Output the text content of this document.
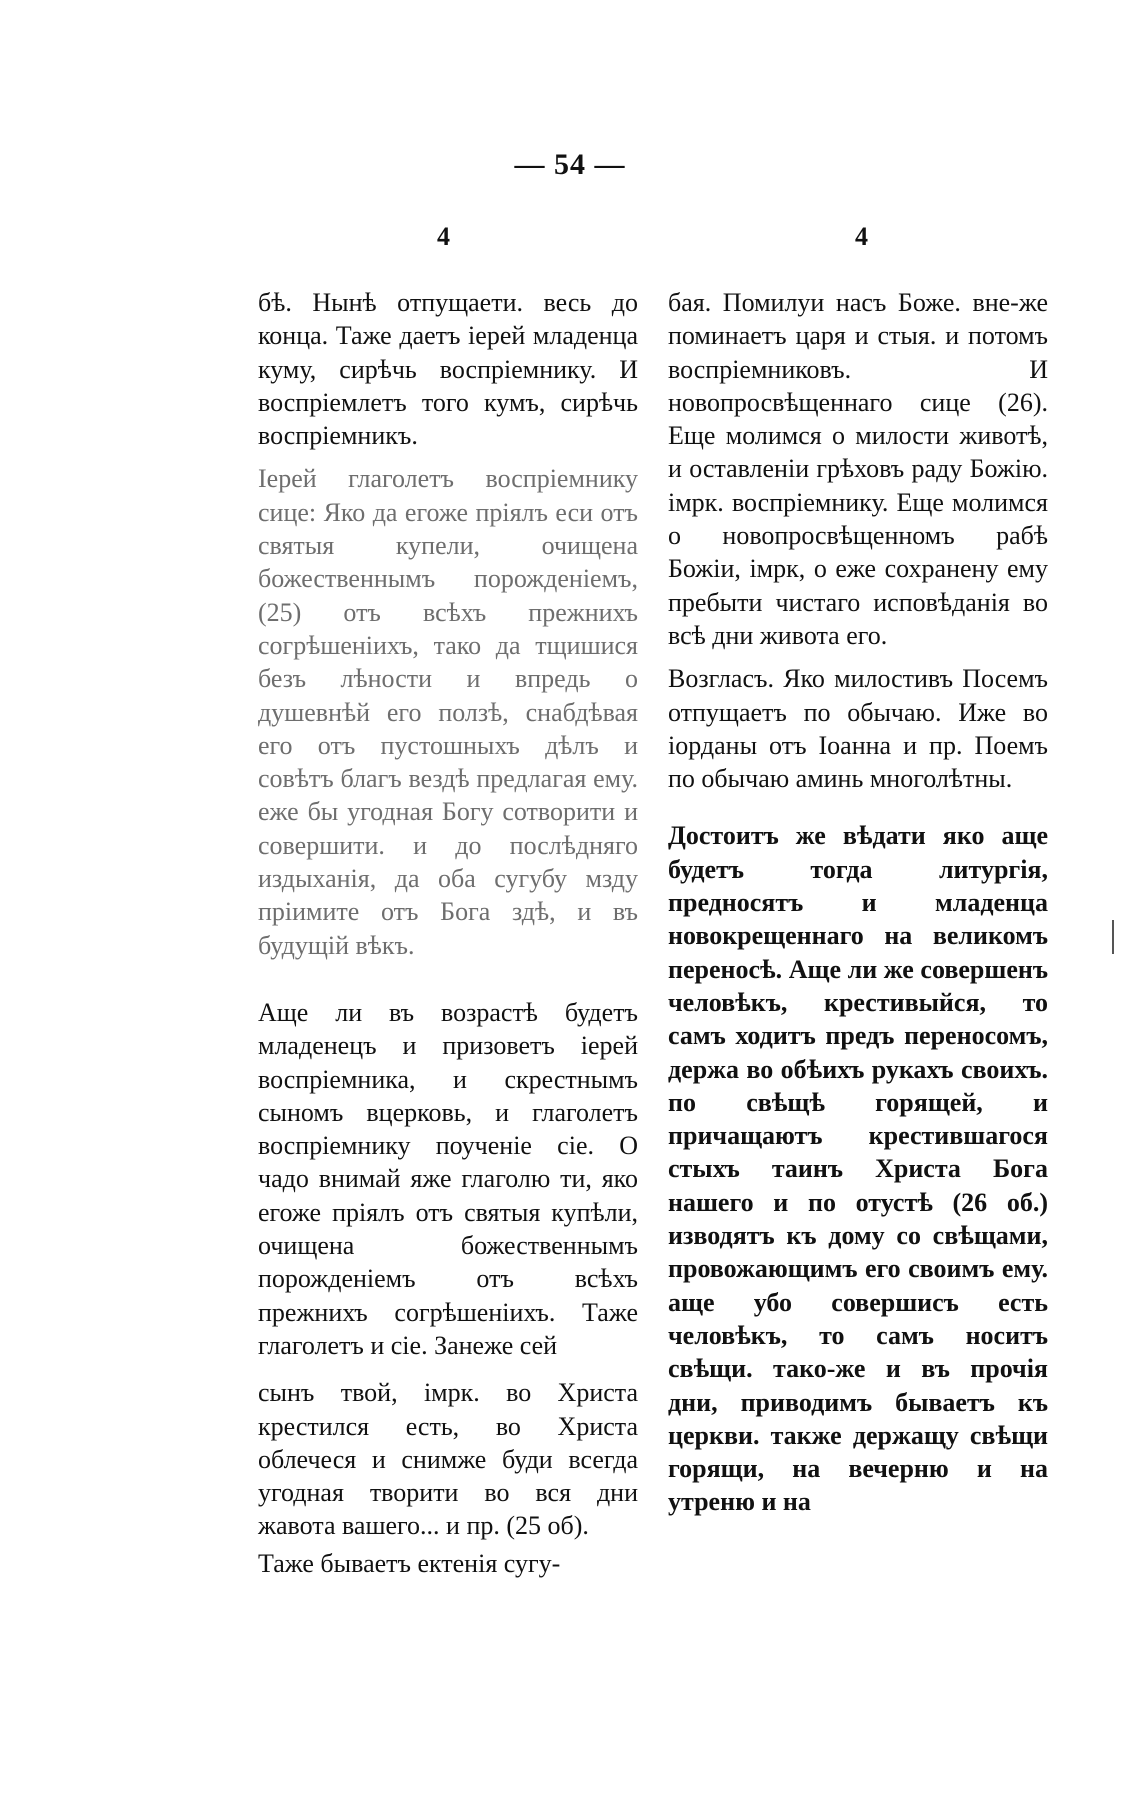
— 54 —
4	4

бѣ. Нынѣ отпущаети. весь до конца. Таже даетъ іерей младенца куму, сирѣчь воспріемнику. И воспріемлетъ того кумъ, сирѣчь воспріемникъ.

Іерей глаголетъ воспріемнику сице: Яко да егоже пріялъ еси отъ святыя купели, очищена божественнымъ порожденіемъ, (25) отъ всѣхъ прежнихъ согрѣшеніихъ, тако да тщишися безъ лѣности и впредь о душевнѣй его ползѣ, снабдѣвая его отъ пустошныхъ дѣлъ и совѣтъ благъ вездѣ предлагая ему. еже бы угодная Богу сотворити и совершити. и до послѣдняго издыханія, да оба сугубу мзду пріимите отъ Бога здѣ, и въ будущій вѣкъ.

Аще ли въ возрастѣ будетъ младенецъ и призоветъ іерей воспріемника, и скрестнымъ сыномъ вцерковь, и глаголетъ воспріемнику поученіе сіе. О чадо внимай яже глаголю ти, яко егоже пріялъ отъ святыя купѣли, очищена божественнымъ порожденіемъ отъ всѣхъ прежнихъ согрѣшеніихъ. Таже глаголетъ и сіе. Занеже сей

сынъ твой, імрк. во Христа крестился есть, во Христа облечеся и снимже буди всегда угодная творити во вся дни жавота вашего... и пр. (25 об).

Таже бываетъ ектенія сугу-

бая. Помилуи насъ Боже. вне-же поминаетъ царя и стыя. и потомъ воспріемниковъ. И новопросвѣщеннаго сице (26). Еще молимся о милости животѣ, и оставленіи грѣховъ раду Божію. імрк. воспріемнику. Еще молимся о новопросвѣщенномъ рабѣ Божіи, імрк, о еже сохранену ему пребыти чистаго исповѣданія во всѣ дни живота его.

Возгласъ. Яко милостивъ Посемъ отпущаетъ по обычаю. Иже во іорданы отъ Іоанна и пр. Поемъ по обычаю аминь многолѣтны.

Достоитъ же вѣдати яко аще будетъ тогда литургія, предносятъ и младенца новокрещеннаго на великомъ переносѣ. Аще ли же совершенъ человѣкъ, крестивыйся, то самъ ходитъ предъ переносомъ, держа во обѣихъ рукахъ своихъ. по свѣщѣ горящей, и причащаютъ крестившагося стыхъ таинъ Христа Бога нашего и по отустѣ (26 об.) изводятъ къ дому со свѣщами, провожающимъ его своимъ ему. аще убо совершисъ есть человѣкъ, то самъ носитъ свѣщи. тако-же и въ прочія дни, приводимъ бываетъ къ церкви. также держащу свѣщи горящи, на вечерню и на утреню и на
